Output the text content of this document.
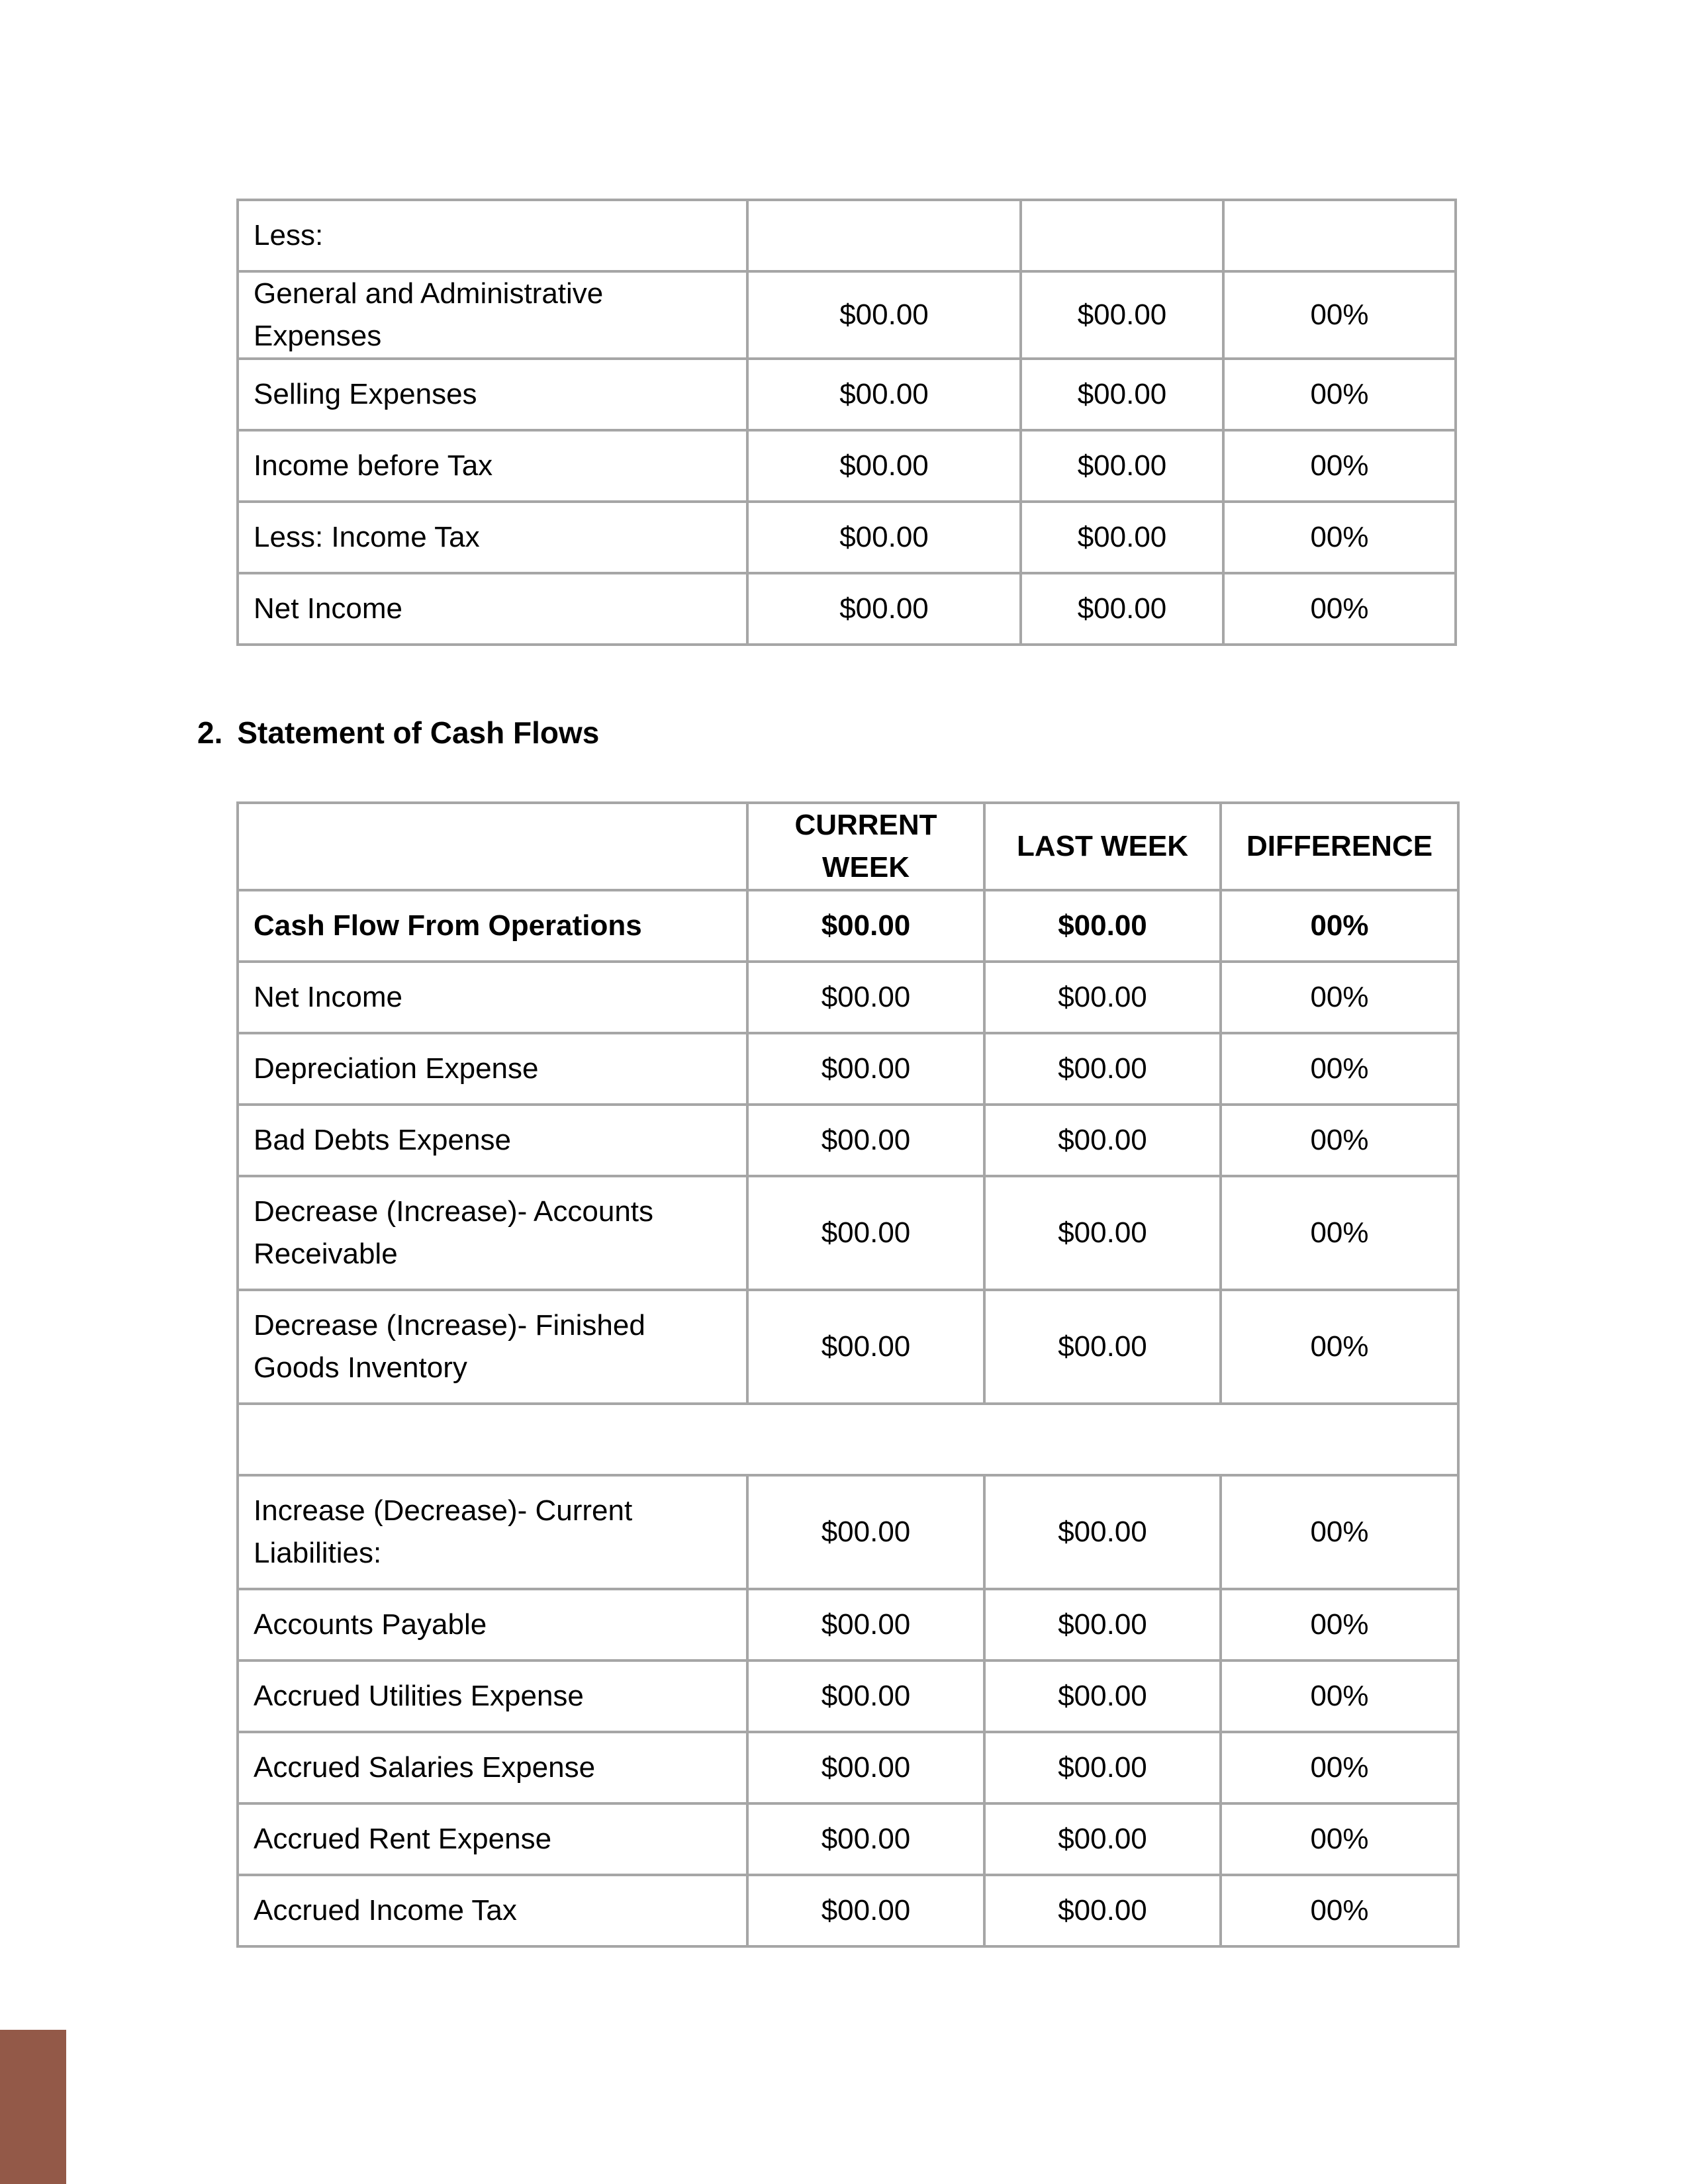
Less:			
General and Administrative Expenses	$00.00	$00.00	00%
Selling Expenses	$00.00	$00.00	00%
Income before Tax	$00.00	$00.00	00%
Less: Income Tax	$00.00	$00.00	00%
Net Income	$00.00	$00.00	00%
2. Statement of Cash Flows
	CURRENT WEEK	LAST WEEK	DIFFERENCE
Cash Flow From Operations	$00.00	$00.00	00%
Net Income	$00.00	$00.00	00%
Depreciation Expense	$00.00	$00.00	00%
Bad Debts Expense	$00.00	$00.00	00%
Decrease (Increase)- Accounts Receivable	$00.00	$00.00	00%
Decrease (Increase)- Finished Goods Inventory	$00.00	$00.00	00%

Increase (Decrease)- Current Liabilities:	$00.00	$00.00	00%
Accounts Payable	$00.00	$00.00	00%
Accrued Utilities Expense	$00.00	$00.00	00%
Accrued Salaries Expense	$00.00	$00.00	00%
Accrued Rent Expense	$00.00	$00.00	00%
Accrued Income Tax	$00.00	$00.00	00%
